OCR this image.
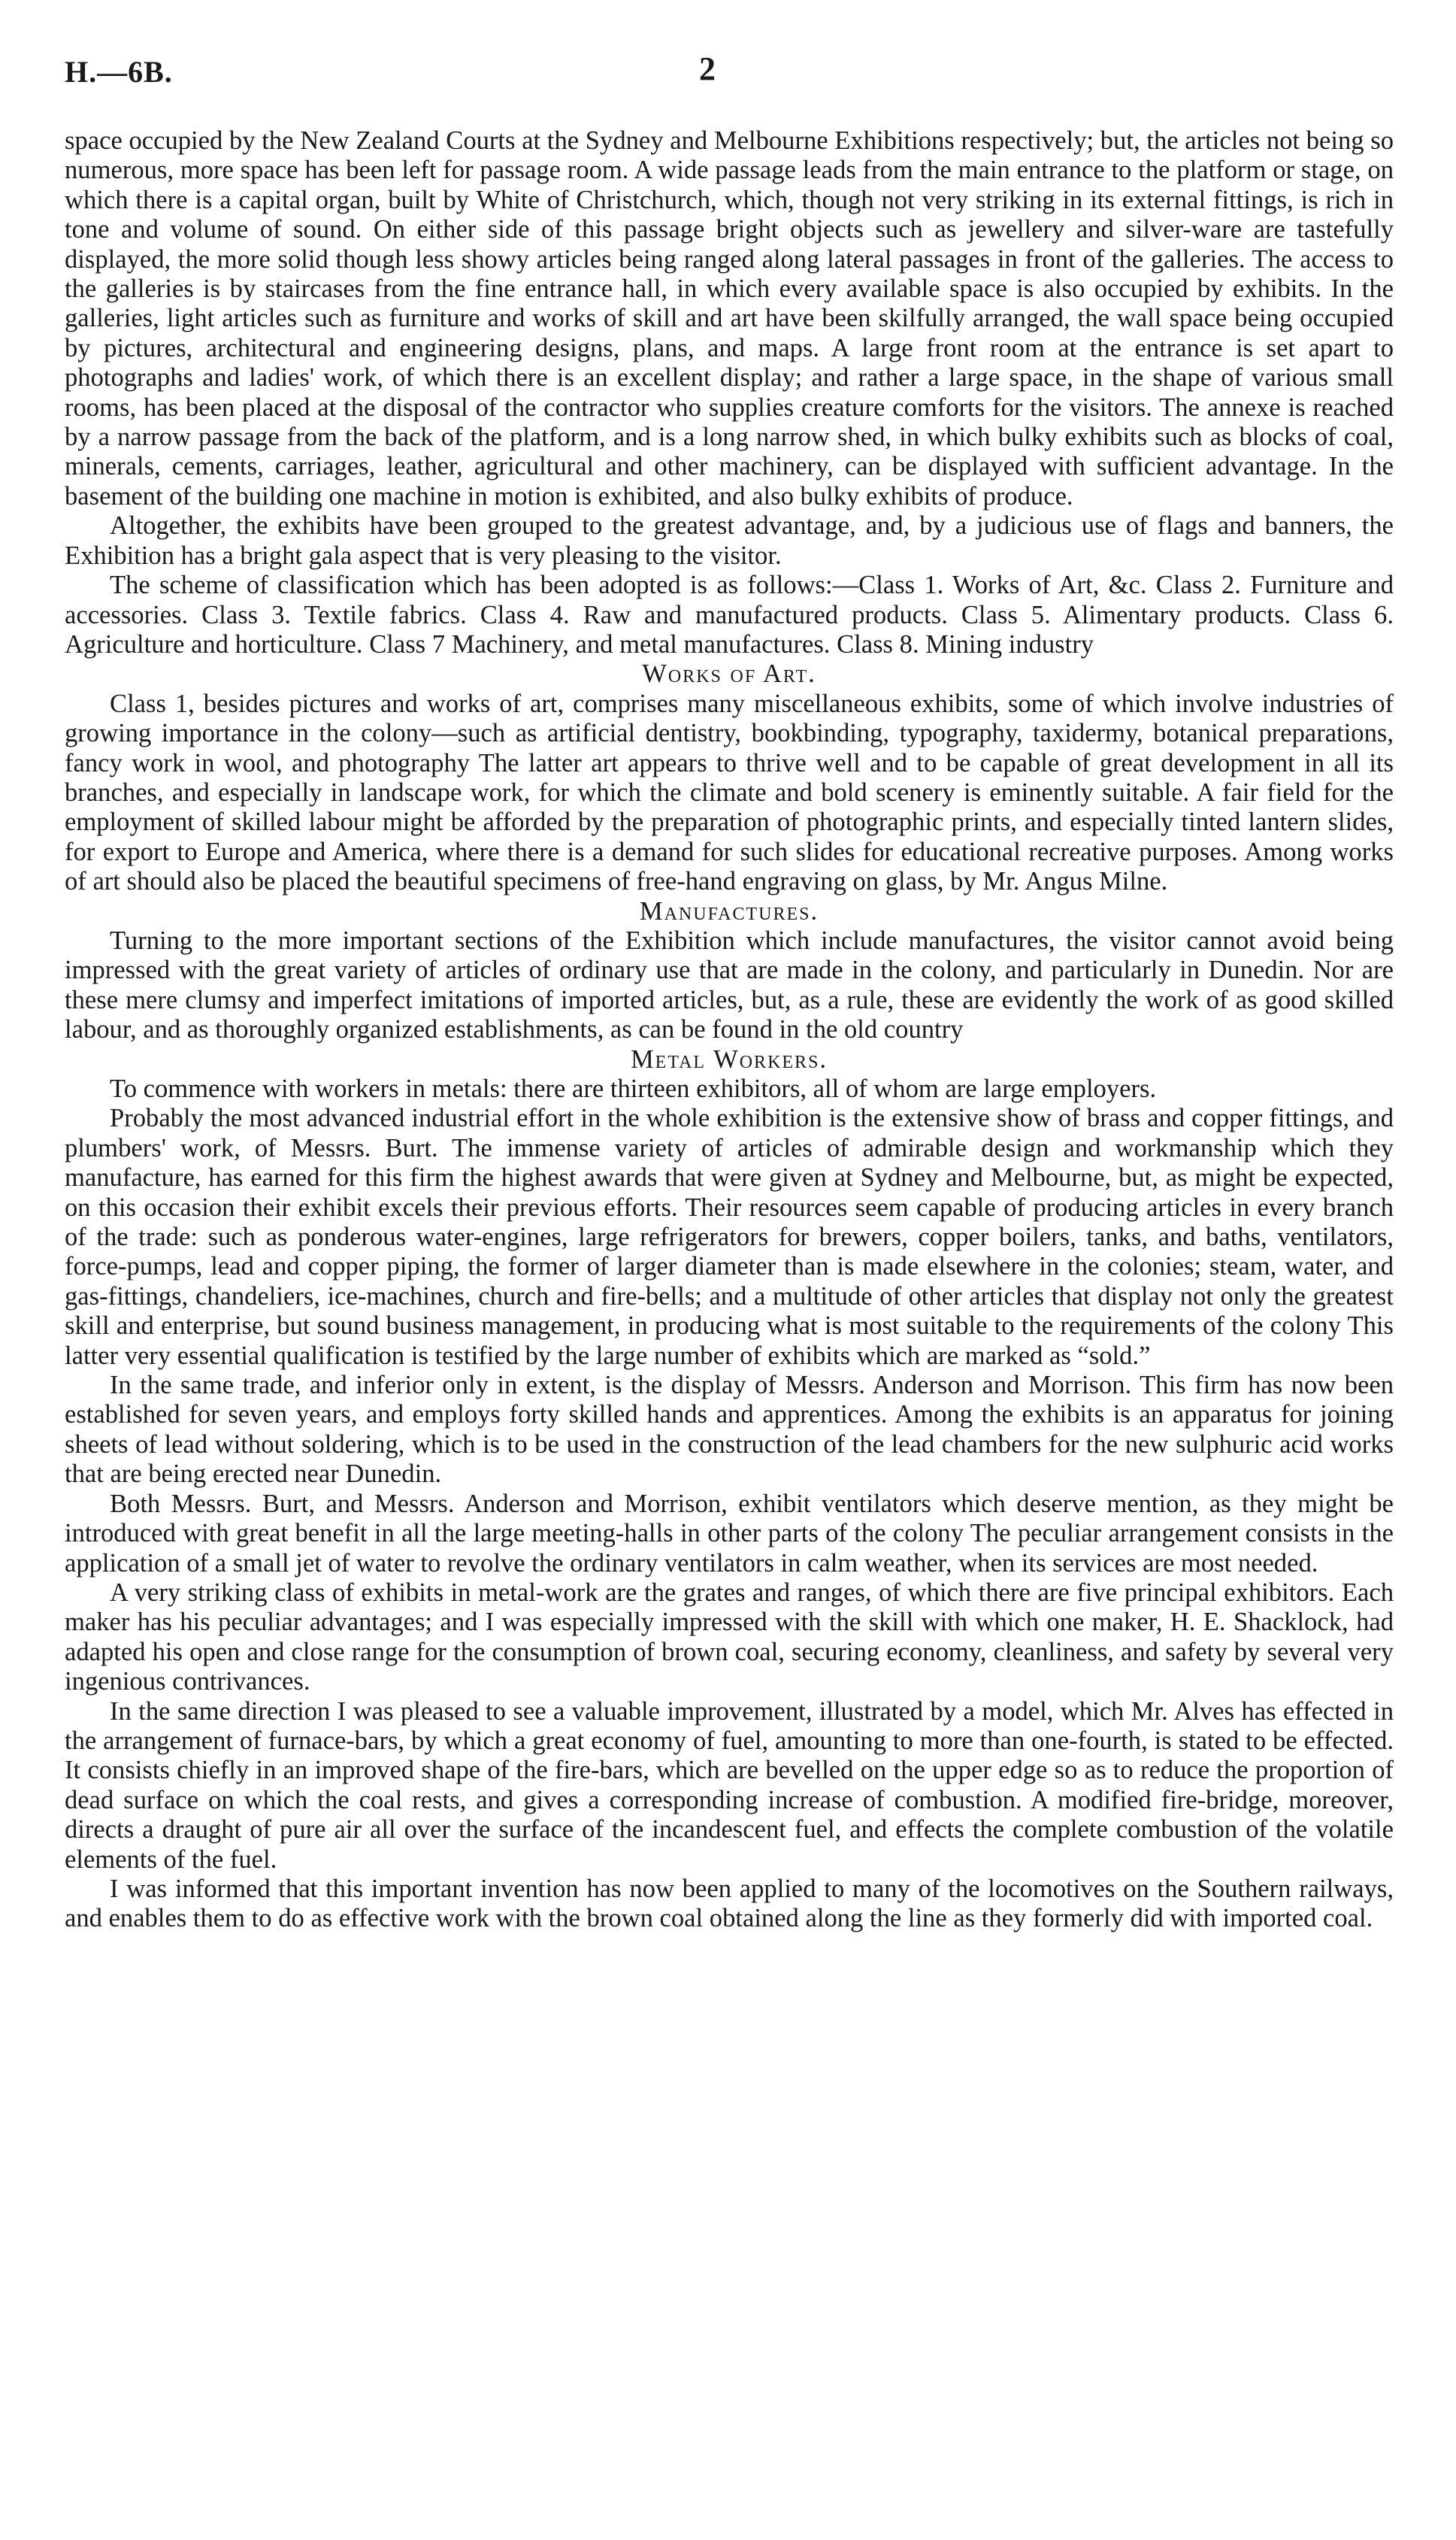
H.—6B.	2

space occupied by the New Zealand Courts at the Sydney and Melbourne Exhibitions respectively; but, the articles not being so numerous, more space has been left for passage room. A wide passage leads from the main entrance to the platform or stage, on which there is a capital organ, built by White of Christchurch, which, though not very striking in its external fittings, is rich in tone and volume of sound. On either side of this passage bright objects such as jewellery and silver-ware are tastefully displayed, the more solid though less showy articles being ranged along lateral passages in front of the galleries. The access to the galleries is by staircases from the fine entrance hall, in which every available space is also occupied by exhibits. In the galleries, light articles such as furniture and works of skill and art have been skilfully arranged, the wall space being occupied by pictures, architectural and engineering designs, plans, and maps. A large front room at the entrance is set apart to photographs and ladies' work, of which there is an excellent display; and rather a large space, in the shape of various small rooms, has been placed at the disposal of the contractor who supplies creature comforts for the visitors. The annexe is reached by a narrow passage from the back of the platform, and is a long narrow shed, in which bulky exhibits such as blocks of coal, minerals, cements, carriages, leather, agricultural and other machinery, can be displayed with sufficient advantage. In the basement of the building one machine in motion is exhibited, and also bulky exhibits of produce.

Altogether, the exhibits have been grouped to the greatest advantage, and, by a judicious use of flags and banners, the Exhibition has a bright gala aspect that is very pleasing to the visitor.

The scheme of classification which has been adopted is as follows:—Class 1. Works of Art, &c. Class 2. Furniture and accessories. Class 3. Textile fabrics. Class 4. Raw and manufactured products. Class 5. Alimentary products. Class 6. Agriculture and horticulture. Class 7 Machinery, and metal manufactures. Class 8. Mining industry

Works of Art.

Class 1, besides pictures and works of art, comprises many miscellaneous exhibits, some of which involve industries of growing importance in the colony—such as artificial dentistry, bookbinding, typography, taxidermy, botanical preparations, fancy work in wool, and photography The latter art appears to thrive well and to be capable of great development in all its branches, and especially in landscape work, for which the climate and bold scenery is eminently suitable. A fair field for the employment of skilled labour might be afforded by the preparation of photographic prints, and especially tinted lantern slides, for export to Europe and America, where there is a demand for such slides for educational recreative purposes. Among works of art should also be placed the beautiful specimens of free-hand engraving on glass, by Mr. Angus Milne.

Manufactures.

Turning to the more important sections of the Exhibition which include manufactures, the visitor cannot avoid being impressed with the great variety of articles of ordinary use that are made in the colony, and particularly in Dunedin. Nor are these mere clumsy and imperfect imitations of imported articles, but, as a rule, these are evidently the work of as good skilled labour, and as thoroughly organized establishments, as can be found in the old country

Metal Workers.

To commence with workers in metals: there are thirteen exhibitors, all of whom are large employers.

Probably the most advanced industrial effort in the whole exhibition is the extensive show of brass and copper fittings, and plumbers' work, of Messrs. Burt. The immense variety of articles of admirable design and workmanship which they manufacture, has earned for this firm the highest awards that were given at Sydney and Melbourne, but, as might be expected, on this occasion their exhibit excels their previous efforts. Their resources seem capable of producing articles in every branch of the trade: such as ponderous water-engines, large refrigerators for brewers, copper boilers, tanks, and baths, ventilators, force-pumps, lead and copper piping, the former of larger diameter than is made elsewhere in the colonies; steam, water, and gas-fittings, chandeliers, ice-machines, church and fire-bells; and a multitude of other articles that display not only the greatest skill and enterprise, but sound business management, in producing what is most suitable to the requirements of the colony This latter very essential qualification is testified by the large number of exhibits which are marked as “sold.”

In the same trade, and inferior only in extent, is the display of Messrs. Anderson and Morrison. This firm has now been established for seven years, and employs forty skilled hands and apprentices. Among the exhibits is an apparatus for joining sheets of lead without soldering, which is to be used in the construction of the lead chambers for the new sulphuric acid works that are being erected near Dunedin.

Both Messrs. Burt, and Messrs. Anderson and Morrison, exhibit ventilators which deserve mention, as they might be introduced with great benefit in all the large meeting-halls in other parts of the colony The peculiar arrangement consists in the application of a small jet of water to revolve the ordinary ventilators in calm weather, when its services are most needed.

A very striking class of exhibits in metal-work are the grates and ranges, of which there are five principal exhibitors. Each maker has his peculiar advantages; and I was especially impressed with the skill with which one maker, H. E. Shacklock, had adapted his open and close range for the consumption of brown coal, securing economy, cleanliness, and safety by several very ingenious contrivances.

In the same direction I was pleased to see a valuable improvement, illustrated by a model, which Mr. Alves has effected in the arrangement of furnace-bars, by which a great economy of fuel, amounting to more than one-fourth, is stated to be effected. It consists chiefly in an improved shape of the fire-bars, which are bevelled on the upper edge so as to reduce the proportion of dead surface on which the coal rests, and gives a corresponding increase of combustion. A modified fire-bridge, moreover, directs a draught of pure air all over the surface of the incandescent fuel, and effects the complete combustion of the volatile elements of the fuel.

I was informed that this important invention has now been applied to many of the locomotives on the Southern railways, and enables them to do as effective work with the brown coal obtained along the line as they formerly did with imported coal.
